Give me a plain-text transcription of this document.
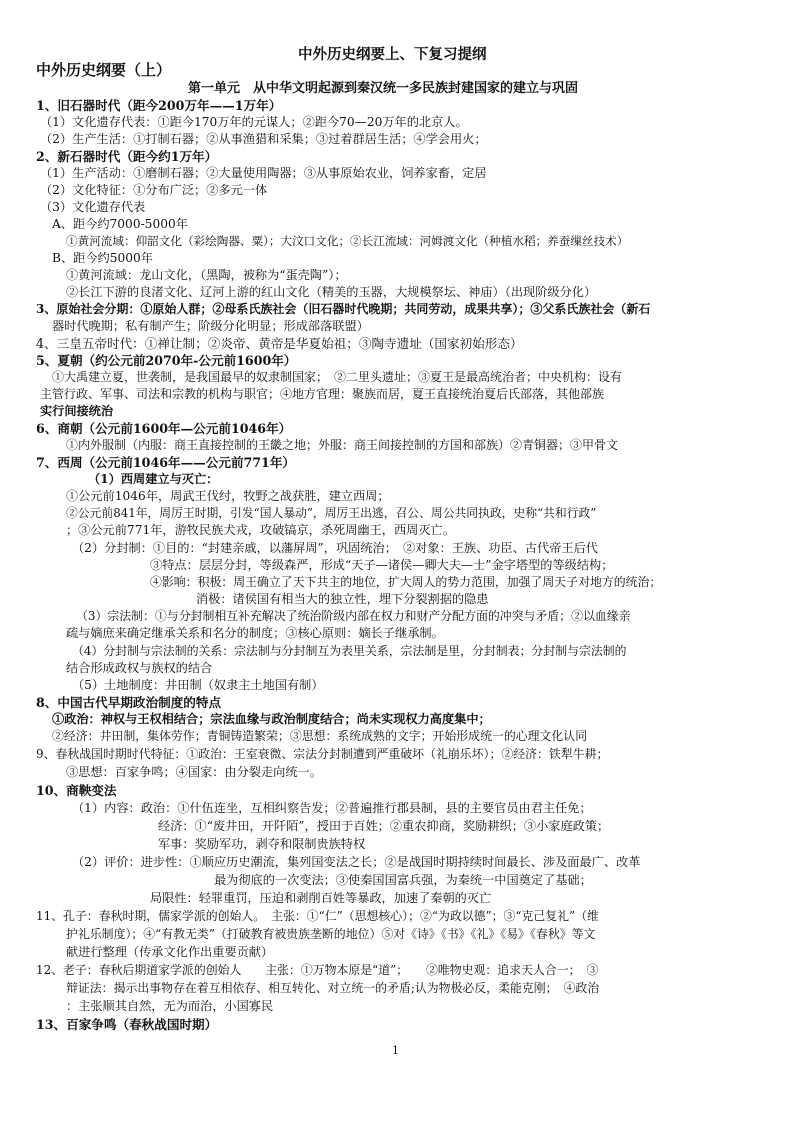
中外历史纲要上、下复习提纲
中外历史纲要（上）
第一单元　从中华文明起源到秦汉统一多民族封建国家的建立与巩固
1、旧石器时代（距今200万年——1万年）
（1）文化遗存代表：①距今170万年的元谋人；②距今70—20万年的北京人。
（2）生产生活：①打制石器；②从事渔猎和采集；③过着群居生活；④学会用火；
2、新石器时代（距今约1万年）
（1）生产活动：①磨制石器；②大量使用陶器；③从事原始农业，饲养家畜，定居
（2）文化特征：①分布广泛；②多元一体
（3）文化遗存代表
A、距今约7000-5000年
①黄河流域：仰韶文化（彩绘陶器、粟）；大汶口文化；②长江流域：河姆渡文化（种植水稻；养蚕缫丝技术）
B、距今约5000年
①黄河流域：龙山文化，（黑陶，被称为“蛋壳陶”）；
②长江下游的良渚文化、辽河上游的红山文化（精美的玉器，大规模祭坛、神庙）（出现阶级分化）
3、原始社会分期：①原始人群；②母系氏族社会（旧石器时代晚期；共同劳动，成果共享）；③父系氏族社会（新石
器时代晚期；私有制产生；阶级分化明显；形成部落联盟）
4、三皇五帝时代：①禅让制；②炎帝、黄帝是华夏始祖；③陶寺遗址（国家初始形态）
5、夏朝（约公元前2070年-公元前1600年）
①大禹建立夏，世袭制，是我国最早的奴隶制国家；　②二里头遗址；③夏王是最高统治者；中央机构：设有
主管行政、军事、司法和宗教的机构与职官；④地方官理：聚族而居，夏王直接统治夏后氏部落，其他部族
实行间接统治
6、商朝（公元前1600年—公元前1046年）
①内外服制（内服：商王直接控制的王畿之地；外服：商王间接控制的方国和部族）②青铜器；③甲骨文
7、西周（公元前1046年——公元前771年）
（1）西周建立与灭亡：
①公元前1046年，周武王伐纣，牧野之战获胜，建立西周；
②公元前841年，周厉王时期，引发“国人暴动”，周厉王出逃，召公、周公共同执政，史称“共和行政”
；③公元前771年，游牧民族犬戎，攻破镐京，杀死周幽王，西周灭亡。
（2）分封制：①目的：“封建亲戚，以藩屏周”，巩固统治；　②对象：王族、功臣、古代帝王后代
③特点：层层分封，等级森严，形成“天子—诸侯—卿大夫—士”金字塔型的等级结构；
④影响：积极：周王确立了天下共主的地位，扩大周人的势力范围，加强了周天子对地方的统治；
消极：诸侯国有相当大的独立性，埋下分裂割据的隐患
（3）宗法制：①与分封制相互补充解决了统治阶级内部在权力和财产分配方面的冲突与矛盾；②以血缘亲
疏与嫡庶来确定继承关系和名分的制度；③核心原则：嫡长子继承制。
（4）分封制与宗法制的关系：宗法制与分封制互为表里关系，宗法制是里，分封制表；分封制与宗法制的
结合形成政权与族权的结合
（5）土地制度：井田制（奴隶主土地国有制）
8、中国古代早期政治制度的特点
①政治：神权与王权相结合；宗法血缘与政治制度结合；尚未实现权力高度集中；
②经济：井田制，集体劳作；青铜铸造繁荣；③思想：系统成熟的文字；开始形成统一的心理文化认同
9、春秋战国时期时代特征：①政治：王室衰微、宗法分封制遭到严重破坏（礼崩乐坏）；②经济：铁犁牛耕；
③思想：百家争鸣；④国家：由分裂走向统一。
10、商鞅变法
（1）内容：政治：①什伍连坐，互相纠察告发；②普遍推行郡县制，县的主要官员由君主任免；
经济：①“废井田，开阡陌”，授田于百姓；②重农抑商，奖励耕织；③小家庭政策；
军事：奖励军功，剥夺和限制贵族特权
（2）评价：进步性：①顺应历史潮流，集列国变法之长；②是战国时期持续时间最长、涉及面最广、改革
最为彻底的一次变法；③使秦国国富兵强，为秦统一中国奠定了基础；
局限性：轻罪重罚，压迫和剥削百姓等暴政，加速了秦朝的灭亡
11、孔子：春秋时期，儒家学派的创始人。　主张：①“仁”（思想核心）；②“为政以德”；③“克己复礼”（维
护礼乐制度）；④“有教无类”（打破教育被贵族垄断的地位）⑤对《诗》《书》《礼》《易》《春秋》等文
献进行整理（传承文化作出重要贡献）
12、老子：春秋后期道家学派的创始人　　主张：①万物本原是“道”；　　②唯物史观：追求天人合一；　③
辩证法：揭示出事物存在着互相依存、相互转化、对立统一的矛盾;认为物极必反，柔能克刚；　④政治
：主张顺其自然，无为而治，小国寡民
13、百家争鸣（春秋战国时期）
1
